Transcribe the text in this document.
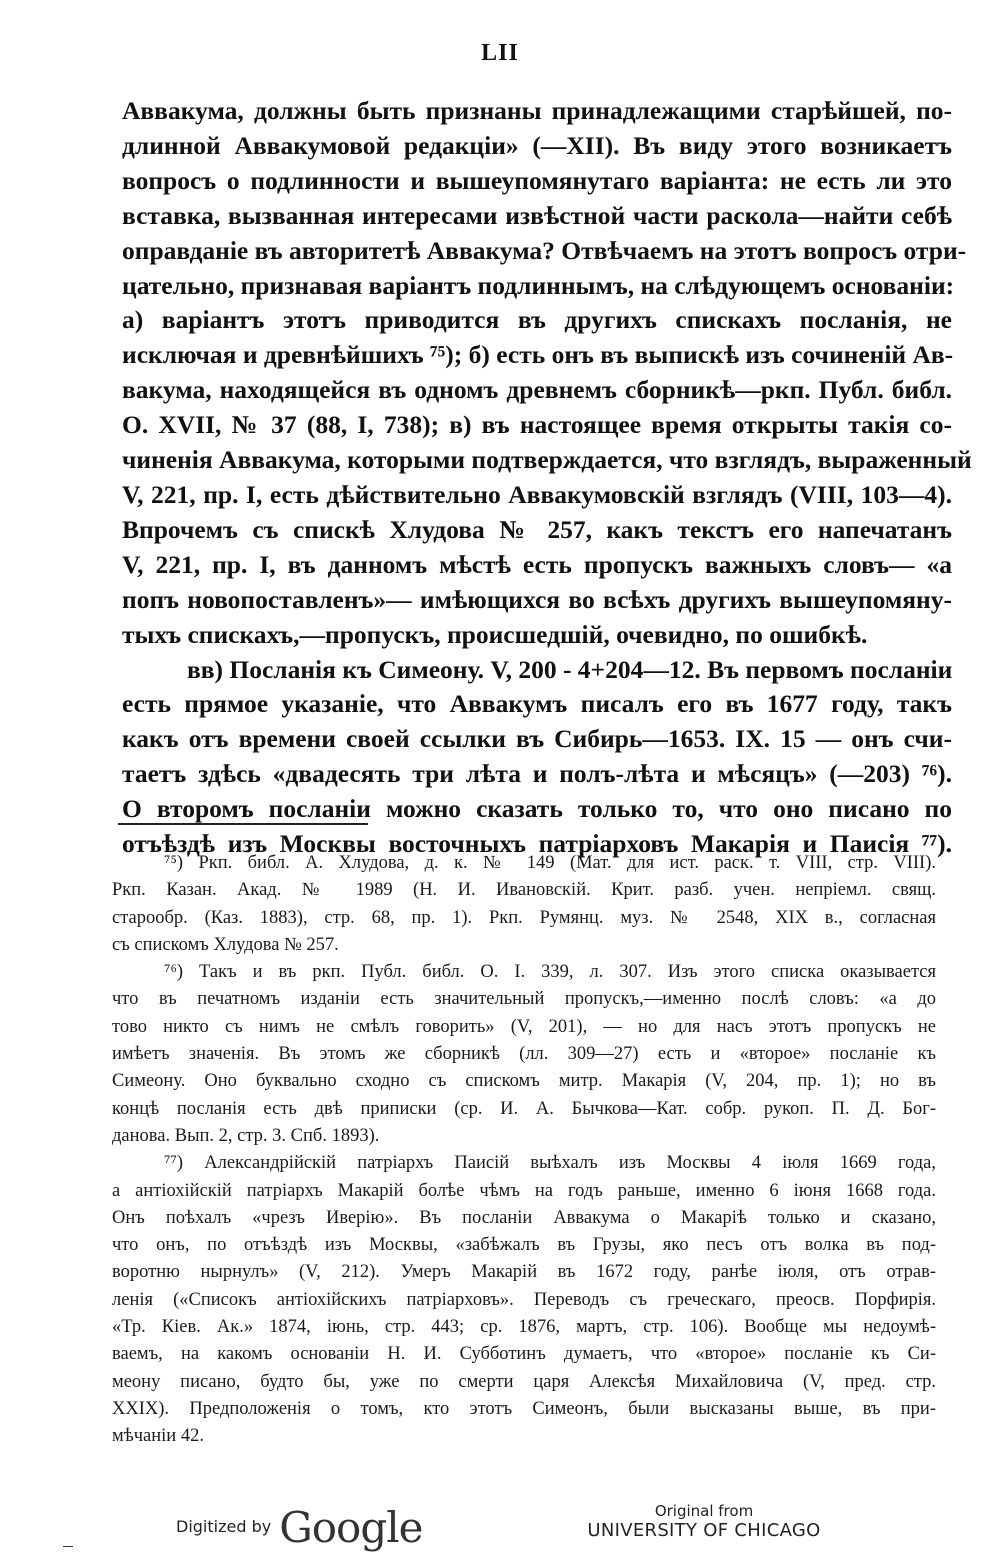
LII
Аввакума, должны быть признаны принадлежащими старѣйшей, по-
длинной Аввакумовой редакціи» (—XII). Въ виду этого возникаетъ
вопросъ о подлинности и вышеупомянутаго варіанта: не есть ли это
вставка, вызванная интересами извѣстной части раскола—найти себѣ
оправданіе въ авторитетѣ Аввакума? Отвѣчаемъ на этотъ вопросъ отри-
цательно, признавая варіантъ подлиннымъ, на слѣдующемъ основаніи:
а) варіантъ этотъ приводится въ другихъ спискахъ посланія, не
исключая и древнѣйшихъ ⁷⁵); б) есть онъ въ выпискѣ изъ сочиненій Ав-
вакума, находящейся въ одномъ древнемъ сборникѣ—ркп. Публ. библ.
О. XVII, № 37 (88, I, 738); в) въ настоящее время открыты такія со-
чиненія Аввакума, которыми подтверждается, что взглядъ, выраженный
V, 221, пр. I, есть дѣйствительно Аввакумовскій взглядъ (VIII, 103—4).
Впрочемъ съ спискѣ Хлудова № 257, какъ текстъ его напечатанъ
V, 221, пр. I, въ данномъ мѣстѣ есть пропускъ важныхъ словъ— «а
попъ новопоставленъ»— имѣющихся во всѣхъ другихъ вышеупомяну-
тыхъ спискахъ,—пропускъ, происшедшій, очевидно, по ошибкѣ.
вв) Посланія къ Симеону. V, 200 - 4+204—12. Въ первомъ посланіи
есть прямое указаніе, что Аввакумъ писалъ его въ 1677 году, такъ
какъ отъ времени своей ссылки въ Сибирь—1653. IX. 15 — онъ счи-
таетъ здѣсь «двадесять три лѣта и полъ-лѣта и мѣсяцъ» (—203) ⁷⁶).
О второмъ посланіи можно сказать только то, что оно писано по
отъѣздѣ изъ Москвы восточныхъ патріарховъ Макарія и Паисія ⁷⁷).
⁷⁵) Ркп. библ. А. Хлудова, д. к. № 149 (Мат. для ист. раск. т. VIII, стр. VIII).
Ркп. Казан. Акад. № 1989 (Н. И. Ивановскій. Крит. разб. учен. непріемл. свящ.
старообр. (Каз. 1883), стр. 68, пр. 1). Ркп. Румянц. муз. № 2548, XIX в., согласная
съ спискомъ Хлудова № 257.
⁷⁶) Такъ и въ ркп. Публ. библ. О. I. 339, л. 307. Изъ этого списка оказывается
что въ печатномъ изданіи есть значительный пропускъ,—именно послѣ словъ: «а до
тово никто съ нимъ не смѣлъ говорить» (V, 201), — но для насъ этотъ пропускъ не
имѣетъ значенія. Въ этомъ же сборникѣ (лл. 309—27) есть и «второе» посланіе къ
Симеону. Оно буквально сходно съ спискомъ митр. Макарія (V, 204, пр. 1); но въ
концѣ посланія есть двѣ приписки (ср. И. А. Бычкова—Кат. собр. рукоп. П. Д. Бог-
данова. Вып. 2, стр. 3. Спб. 1893).
⁷⁷) Александрійскій патріархъ Паисій выѣхалъ изъ Москвы 4 іюля 1669 года,
а антіохійскій патріархъ Макарій болѣе чѣмъ на годъ раньше, именно 6 іюня 1668 года.
Онъ поѣхалъ «чрезъ Иверію». Въ посланіи Аввакума о Макаріѣ только и сказано,
что онъ, по отъѣздѣ изъ Москвы, «забѣжалъ въ Грузы, яко песъ отъ волка въ под-
воротню нырнулъ» (V, 212). Умеръ Макарій въ 1672 году, ранѣе іюля, отъ отрав-
ленія («Списокъ антіохійскихъ патріарховъ». Переводъ съ греческаго, преосв. Порфирія.
«Тр. Кіев. Ак.» 1874, іюнь, стр. 443; ср. 1876, мартъ, стр. 106). Вообще мы недоумѣ-
ваемъ, на какомъ основаніи Н. И. Субботинъ думаетъ, что «второе» посланіе къ Си-
меону писано, будто бы, уже по смерти царя Алексѣя Михайловича (V, пред. стр.
XXIX). Предположенія о томъ, кто этотъ Симеонъ, были высказаны выше, въ при-
мѣчаніи 42.
Digitized by Google	Original from
UNIVERSITY OF CHICAGO
